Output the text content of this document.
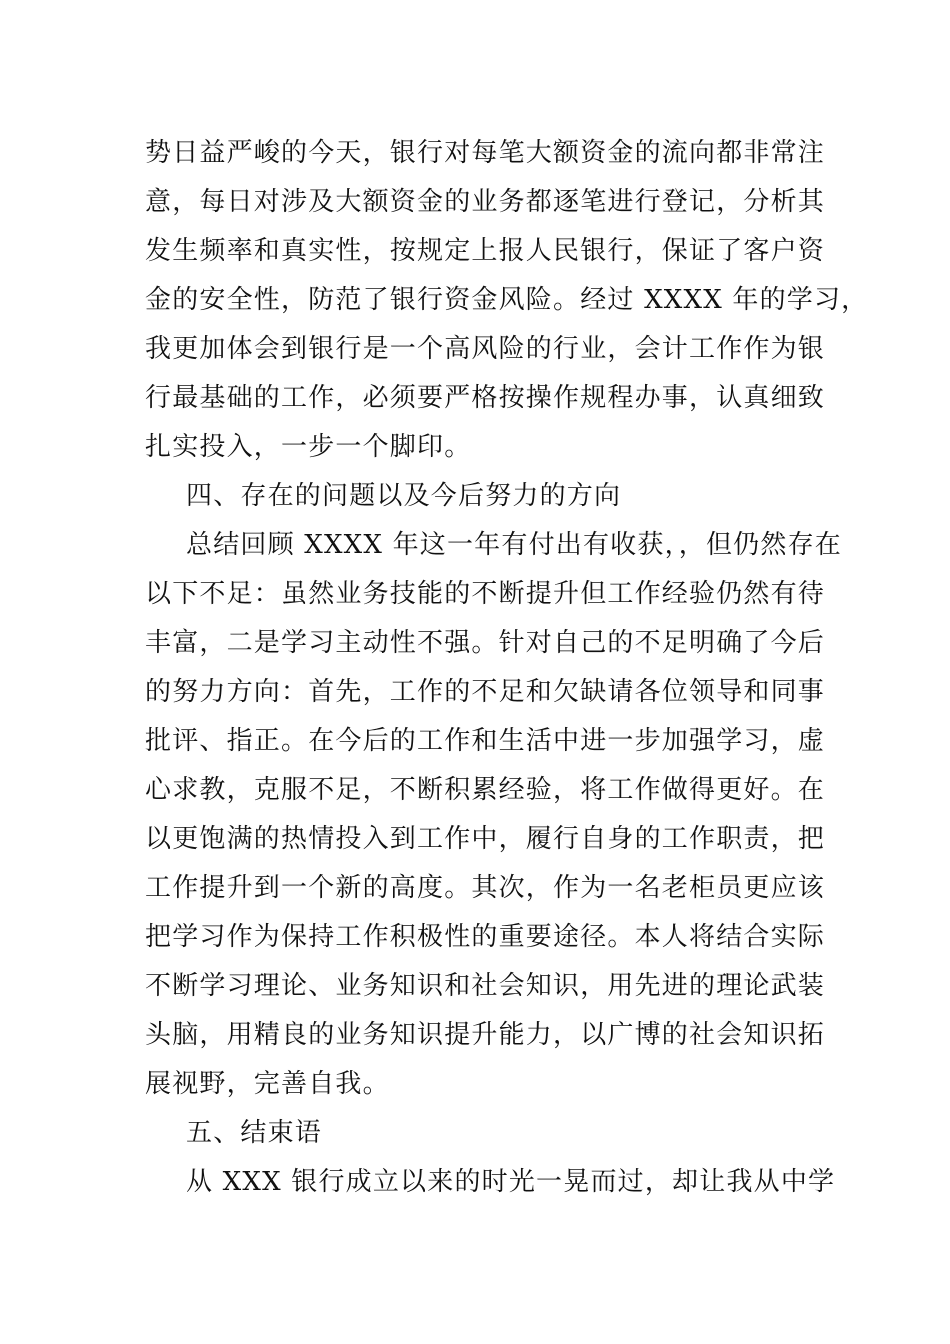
势日益严峻的今天，银行对每笔大额资金的流向都非常注
意，每日对涉及大额资金的业务都逐笔进行登记，分析其
发生频率和真实性，按规定上报人民银行，保证了客户资
金的安全性，防范了银行资金风险。经过 XXXX 年的学习，
我更加体会到银行是一个高风险的行业，会计工作作为银
行最基础的工作，必须要严格按操作规程办事，认真细致
扎实投入，一步一个脚印。
四、存在的问题以及今后努力的方向
总结回顾 XXXX 年这一年有付出有收获，，但仍然存在
以下不足：虽然业务技能的不断提升但工作经验仍然有待
丰富，二是学习主动性不强。针对自己的不足明确了今后
的努力方向：首先，工作的不足和欠缺请各位领导和同事
批评、指正。在今后的工作和生活中进一步加强学习，虚
心求教，克服不足，不断积累经验，将工作做得更好。在
以更饱满的热情投入到工作中，履行自身的工作职责，把
工作提升到一个新的高度。其次，作为一名老柜员更应该
把学习作为保持工作积极性的重要途径。本人将结合实际
不断学习理论、业务知识和社会知识，用先进的理论武装
头脑，用精良的业务知识提升能力，以广博的社会知识拓
展视野，完善自我。
五、结束语
从 XXX 银行成立以来的时光一晃而过，却让我从中学
